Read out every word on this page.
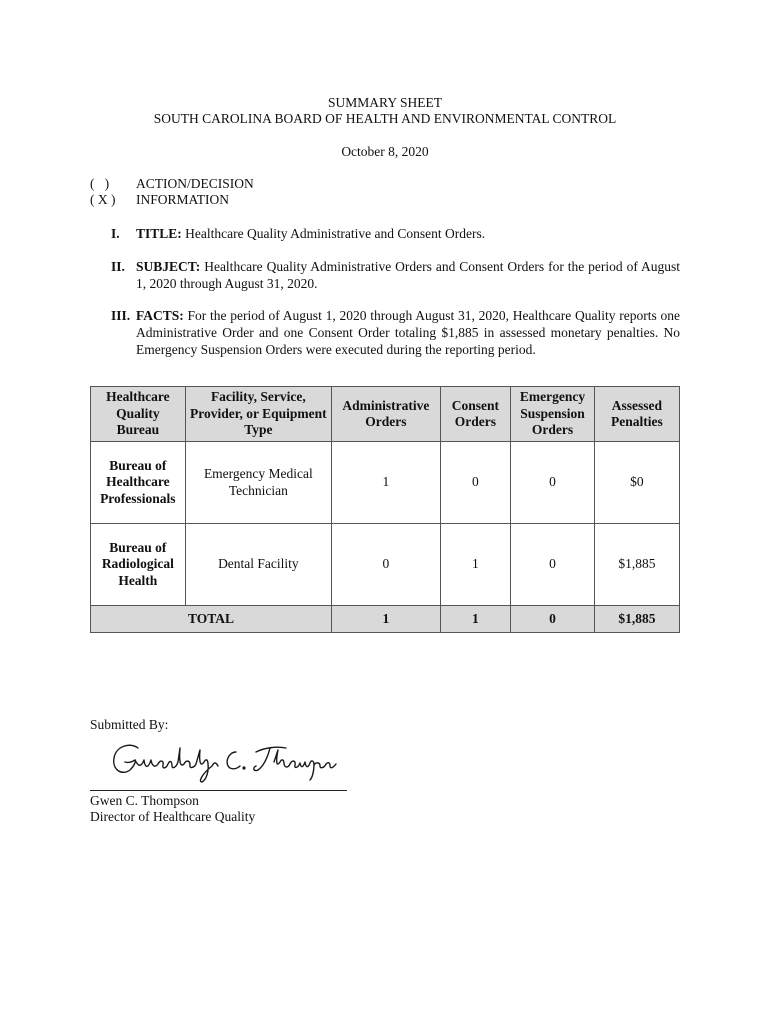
SUMMARY SHEET
SOUTH CAROLINA BOARD OF HEALTH AND ENVIRONMENTAL CONTROL
October 8, 2020
(   )	ACTION/DECISION
( X )	INFORMATION
I. TITLE: Healthcare Quality Administrative and Consent Orders.
II. SUBJECT: Healthcare Quality Administrative Orders and Consent Orders for the period of August 1, 2020 through August 31, 2020.
III. FACTS: For the period of August 1, 2020 through August 31, 2020, Healthcare Quality reports one Administrative Order and one Consent Order totaling $1,885 in assessed monetary penalties. No Emergency Suspension Orders were executed during the reporting period.
Healthcare Quality Bureau	Facility, Service, Provider, or Equipment Type	Administrative Orders	Consent Orders	Emergency Suspension Orders	Assessed Penalties
Bureau of Healthcare Professionals	Emergency Medical Technician	1	0	0	$0
Bureau of Radiological Health	Dental Facility	0	1	0	$1,885
TOTAL		1	1	0	$1,885
Submitted By:
Gwen C. Thompson
Director of Healthcare Quality
